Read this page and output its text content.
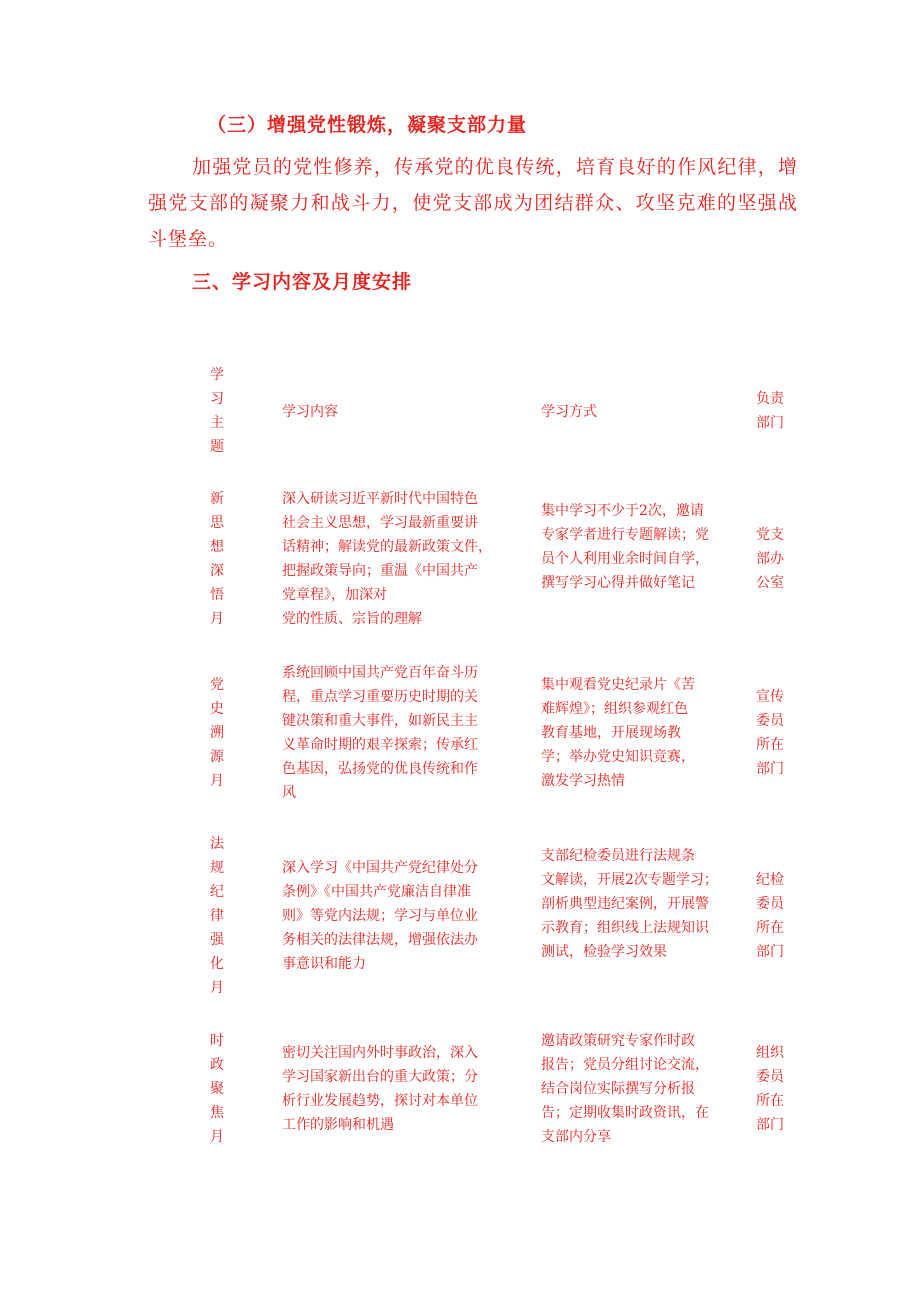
（三）增强党性锻炼，凝聚支部力量
加强党员的党性修养，传承党的优良传统，培育良好的作风纪律，增强党支部的凝聚力和战斗力，使党支部成为团结群众、攻坚克难的坚强战斗堡垒。
三、学习内容及月度安排
学
习
主
题
学习内容	学习方式
负责
部门
新
思
想
深
悟
月
深入研读习近平新时代中国特色
社会主义思想，学习最新重要讲
话精神；解读党的最新政策文件，
把握政策导向；重温《中国共产
党章程》，加深对
党的性质、宗旨的理解
集中学习不少于2次，邀请
专家学者进行专题解读；党
员个人利用业余时间自学，
撰写学习心得并做好笔记
党支
部办
公室
党
史
溯
源
月
系统回顾中国共产党百年奋斗历
程，重点学习重要历史时期的关
键决策和重大事件，如新民主主
义革命时期的艰辛探索；传承红
色基因，弘扬党的优良传统和作
风
集中观看党史纪录片《苦
难辉煌》；组织参观红色
教育基地，开展现场教
学；举办党史知识竞赛，
激发学习热情
宣传
委员
所在
部门
法
规
纪
律
强
化
月
深入学习《中国共产党纪律处分
条例》《中国共产党廉洁自律准
则》等党内法规；学习与单位业
务相关的法律法规，增强依法办
事意识和能力
支部纪检委员进行法规条
文解读，开展2次专题学习；
剖析典型违纪案例，开展警
示教育；组织线上法规知识
测试，检验学习效果
纪检
委员
所在
部门
时
政
聚
焦
月
密切关注国内外时事政治，深入
学习国家新出台的重大政策；分
析行业发展趋势，探讨对本单位
工作的影响和机遇
邀请政策研究专家作时政
报告；党员分组讨论交流，
结合岗位实际撰写分析报
告；定期收集时政资讯，在
支部内分享
组织
委员
所在
部门
